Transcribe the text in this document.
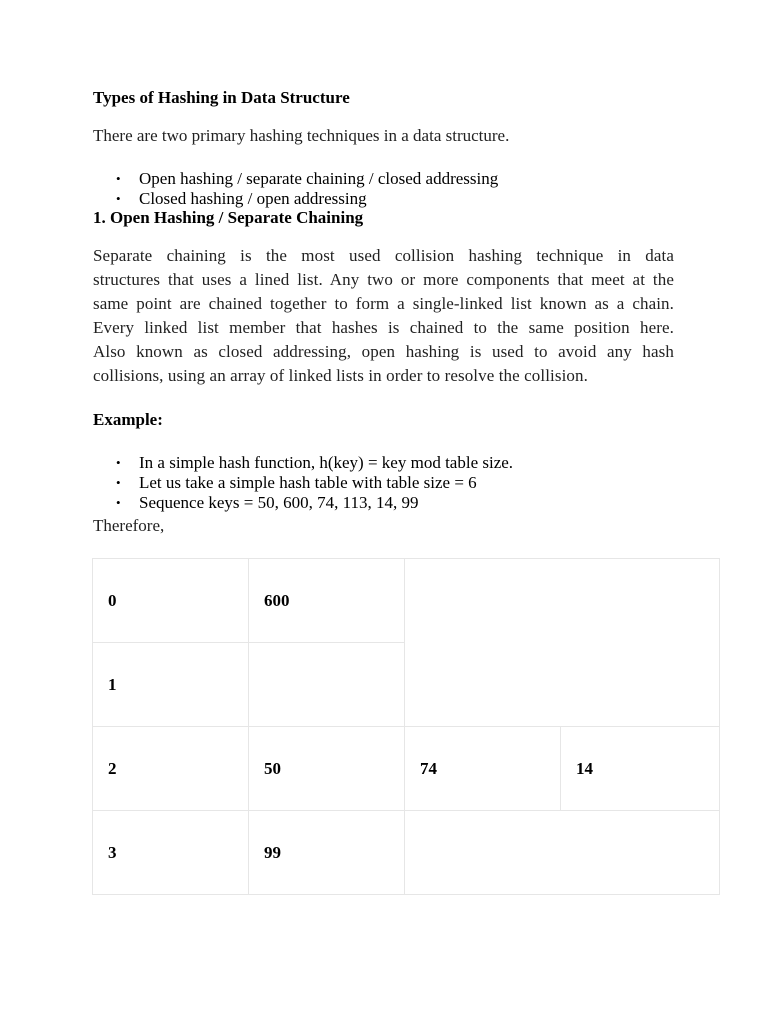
Types of Hashing in Data Structure
There are two primary hashing techniques in a data structure.
• Open hashing / separate chaining / closed addressing
• Closed hashing / open addressing
1. Open Hashing / Separate Chaining
Separate chaining is the most used collision hashing technique in data
structures that uses a lined list. Any two or more components that meet at the
same point are chained together to form a single-linked list known as a chain.
Every linked list member that hashes is chained to the same position here.
Also known as closed addressing, open hashing is used to avoid any hash
collisions, using an array of linked lists in order to resolve the collision.
Example:
• In a simple hash function, h(key) = key mod table size.
• Let us take a simple hash table with table size = 6
• Sequence keys = 50, 600, 74, 113, 14, 99
Therefore,
0	600		
1			
2	50	74	14
3	99		
